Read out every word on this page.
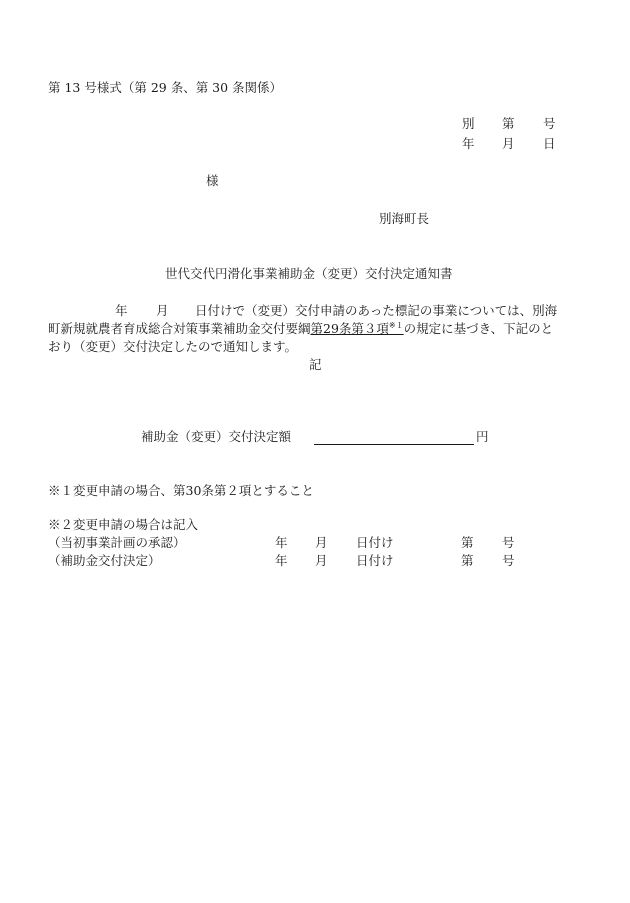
第 13 号様式（第 29 条、第 30 条関係）
別 第 号
年 月 日
様
別海町長
世代交代円滑化事業補助金（変更）交付決定通知書
年 月 日付けで（変更）交付申請のあった標記の事業については、別海
町新規就農者育成総合対策事業補助金交付要綱第29条第３項$^{※1}$の規定に基づき、下記のと
おり（変更）交付決定したので通知します。
記
補助金（変更）交付決定額	円
※１変更申請の場合、第30条第２項とすること
※２変更申請の場合は記入
（当初事業計画の承認）	年 月 日付け	第 号
（補助金交付決定）	年 月 日付け	第 号
